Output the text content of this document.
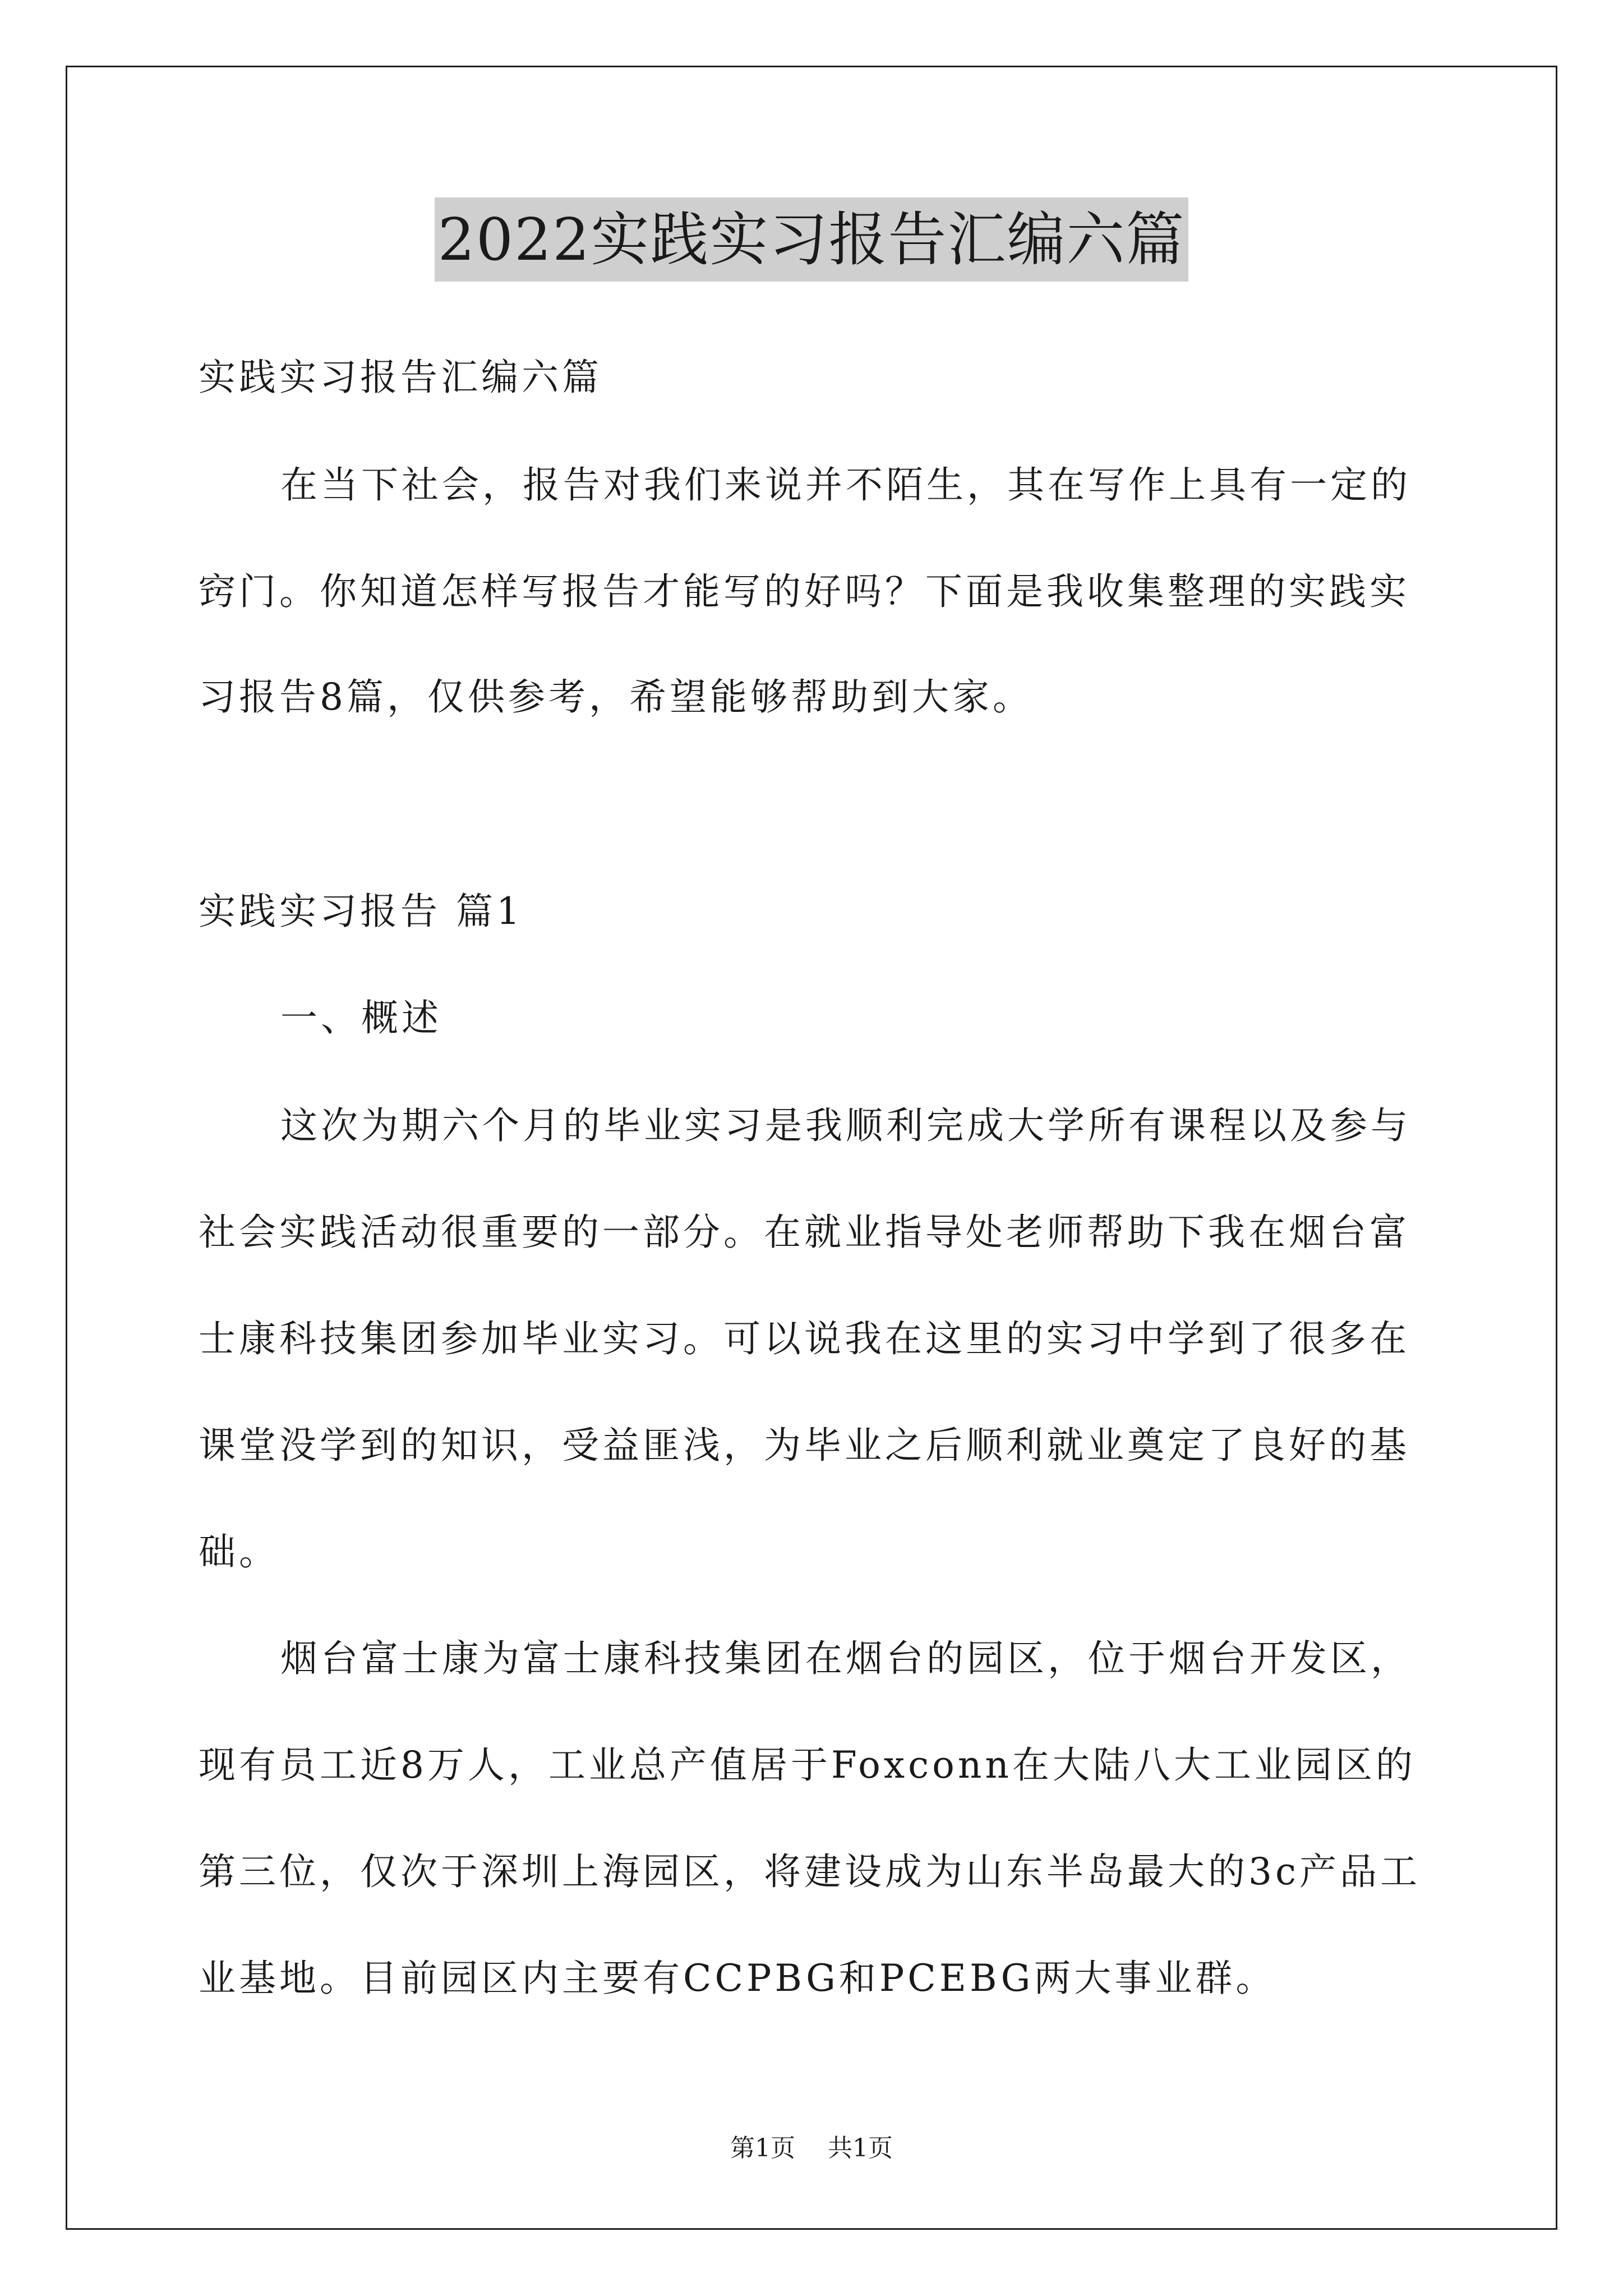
2022实践实习报告汇编六篇
实践实习报告汇编六篇
在当下社会，报告对我们来说并不陌生，其在写作上具有一定的
窍门。你知道怎样写报告才能写的好吗？下面是我收集整理的实践实
习报告8篇，仅供参考，希望能够帮助到大家。
实践实习报告 篇1
一、概述
这次为期六个月的毕业实习是我顺利完成大学所有课程以及参与
社会实践活动很重要的一部分。在就业指导处老师帮助下我在烟台富
士康科技集团参加毕业实习。可以说我在这里的实习中学到了很多在
课堂没学到的知识，受益匪浅，为毕业之后顺利就业奠定了良好的基
础。
烟台富士康为富士康科技集团在烟台的园区，位于烟台开发区，
现有员工近8万人，工业总产值居于Foxconn在大陆八大工业园区的
第三位，仅次于深圳上海园区，将建设成为山东半岛最大的3c产品工
业基地。目前园区内主要有CCPBG和PCEBG两大事业群。
第1页 共1页
